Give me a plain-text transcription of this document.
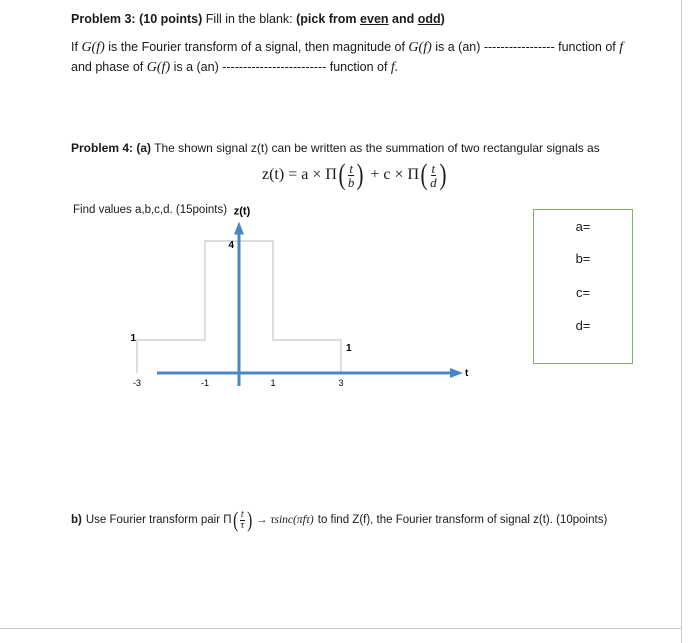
Problem 3: (10 points) Fill in the blank: (pick from even and odd)
If G(f) is the Fourier transform of a signal, then magnitude of G(f) is a (an) ----------------- function of f
and phase of G(f) is a (an) ------------------------- function of f.
Problem 4: (a) The shown signal z(t) can be written as the summation of two rectangular signals as
z(t) = a × Π ( $\frac{t}{b}$ ) + c × Π ( $\frac{t}{d}$ )
Find values a,b,c,d. (15points)
a=
b=
c=
d=
z(t)
t
1
4
1
-3	-1	1	3
b) Use Fourier transform pair Π ( $\frac{t}{\tau}$ ) → τsinc(πfτ) to find Z(f), the Fourier transform of signal z(t). (10points)
